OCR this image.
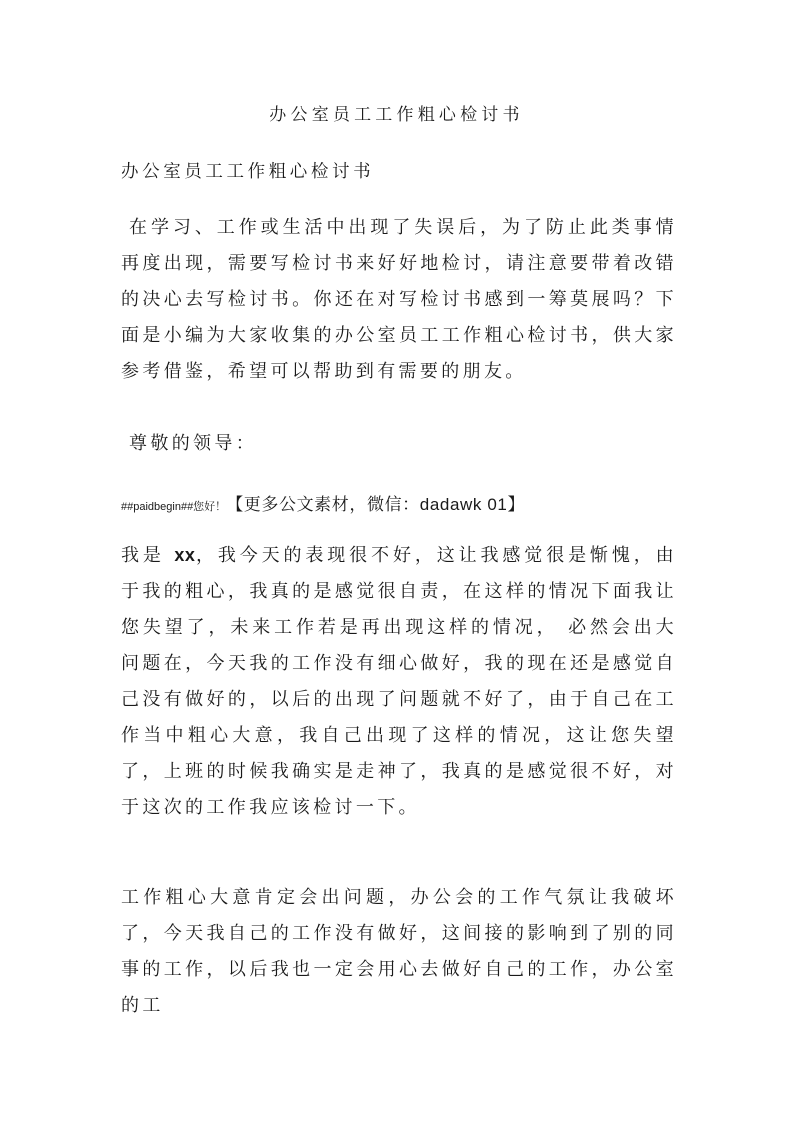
办公室员工工作粗心检讨书
办公室员工工作粗心检讨书

在学习、工作或生活中出现了失误后，为了防止此类事情再度出现，需要写检讨书来好好地检讨，请注意要带着改错的决心去写检讨书。你还在对写检讨书感到一筹莫展吗？下面是小编为大家收集的办公室员工工作粗心检讨书，供大家参考借鉴，希望可以帮助到有需要的朋友。

尊敬的领导：

##paidbegin##您好！【更多公文素材，微信：dadawk 01】

我是 xx，我今天的表现很不好，这让我感觉很是惭愧，由于我的粗心，我真的是感觉很自责，在这样的情况下面我让您失望了，未来工作若是再出现这样的情况， 必然会出大问题在，今天我的工作没有细心做好，我的现在还是感觉自己没有做好的，以后的出现了问题就不好了，由于自己在工作当中粗心大意，我自己出现了这样的情况，这让您失望了，上班的时候我确实是走神了，我真的是感觉很不好，对于这次的工作我应该检讨一下。

工作粗心大意肯定会出问题，办公会的工作气氛让我破坏了，今天我自己的工作没有做好，这间接的影响到了别的同事的工作，以后我也一定会用心去做好自己的工作，办公室的工
